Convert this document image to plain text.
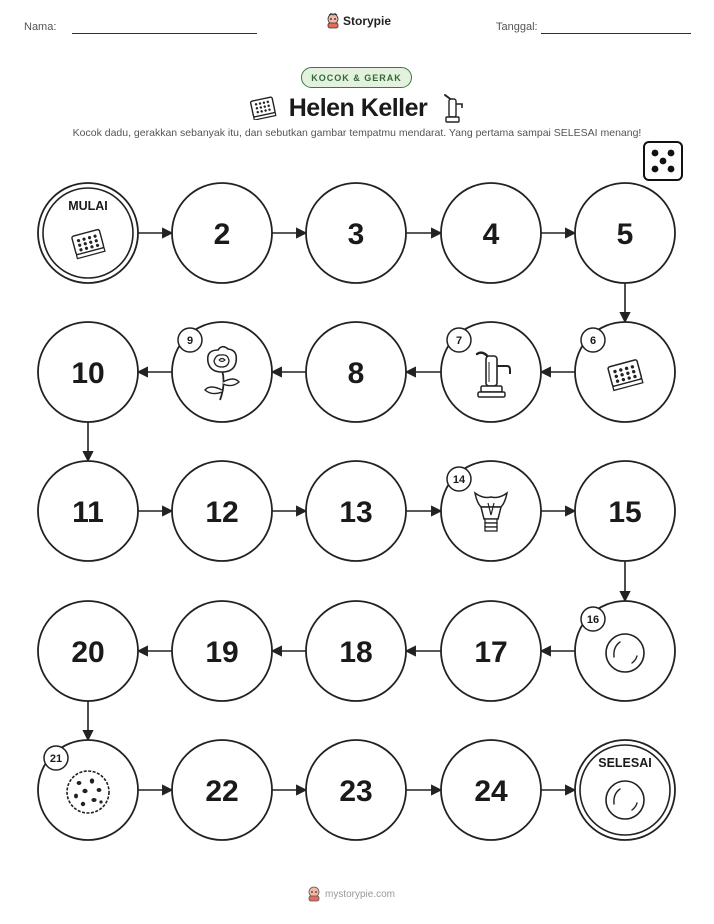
Nama:	Storypie	Tanggal:
KOCOK & GERAK
Helen Keller
Kocok dadu, gerakkan sebanyak itu, dan sebutkan gambar tempatmu mendarat. Yang pertama sampai SELESAI menang!
MULAI
2	3	4	5
6
7
8
9
10
11	12	13
14
15
16
17
18
19
20
21
22	23	24
SELESAI
mystorypie.com
